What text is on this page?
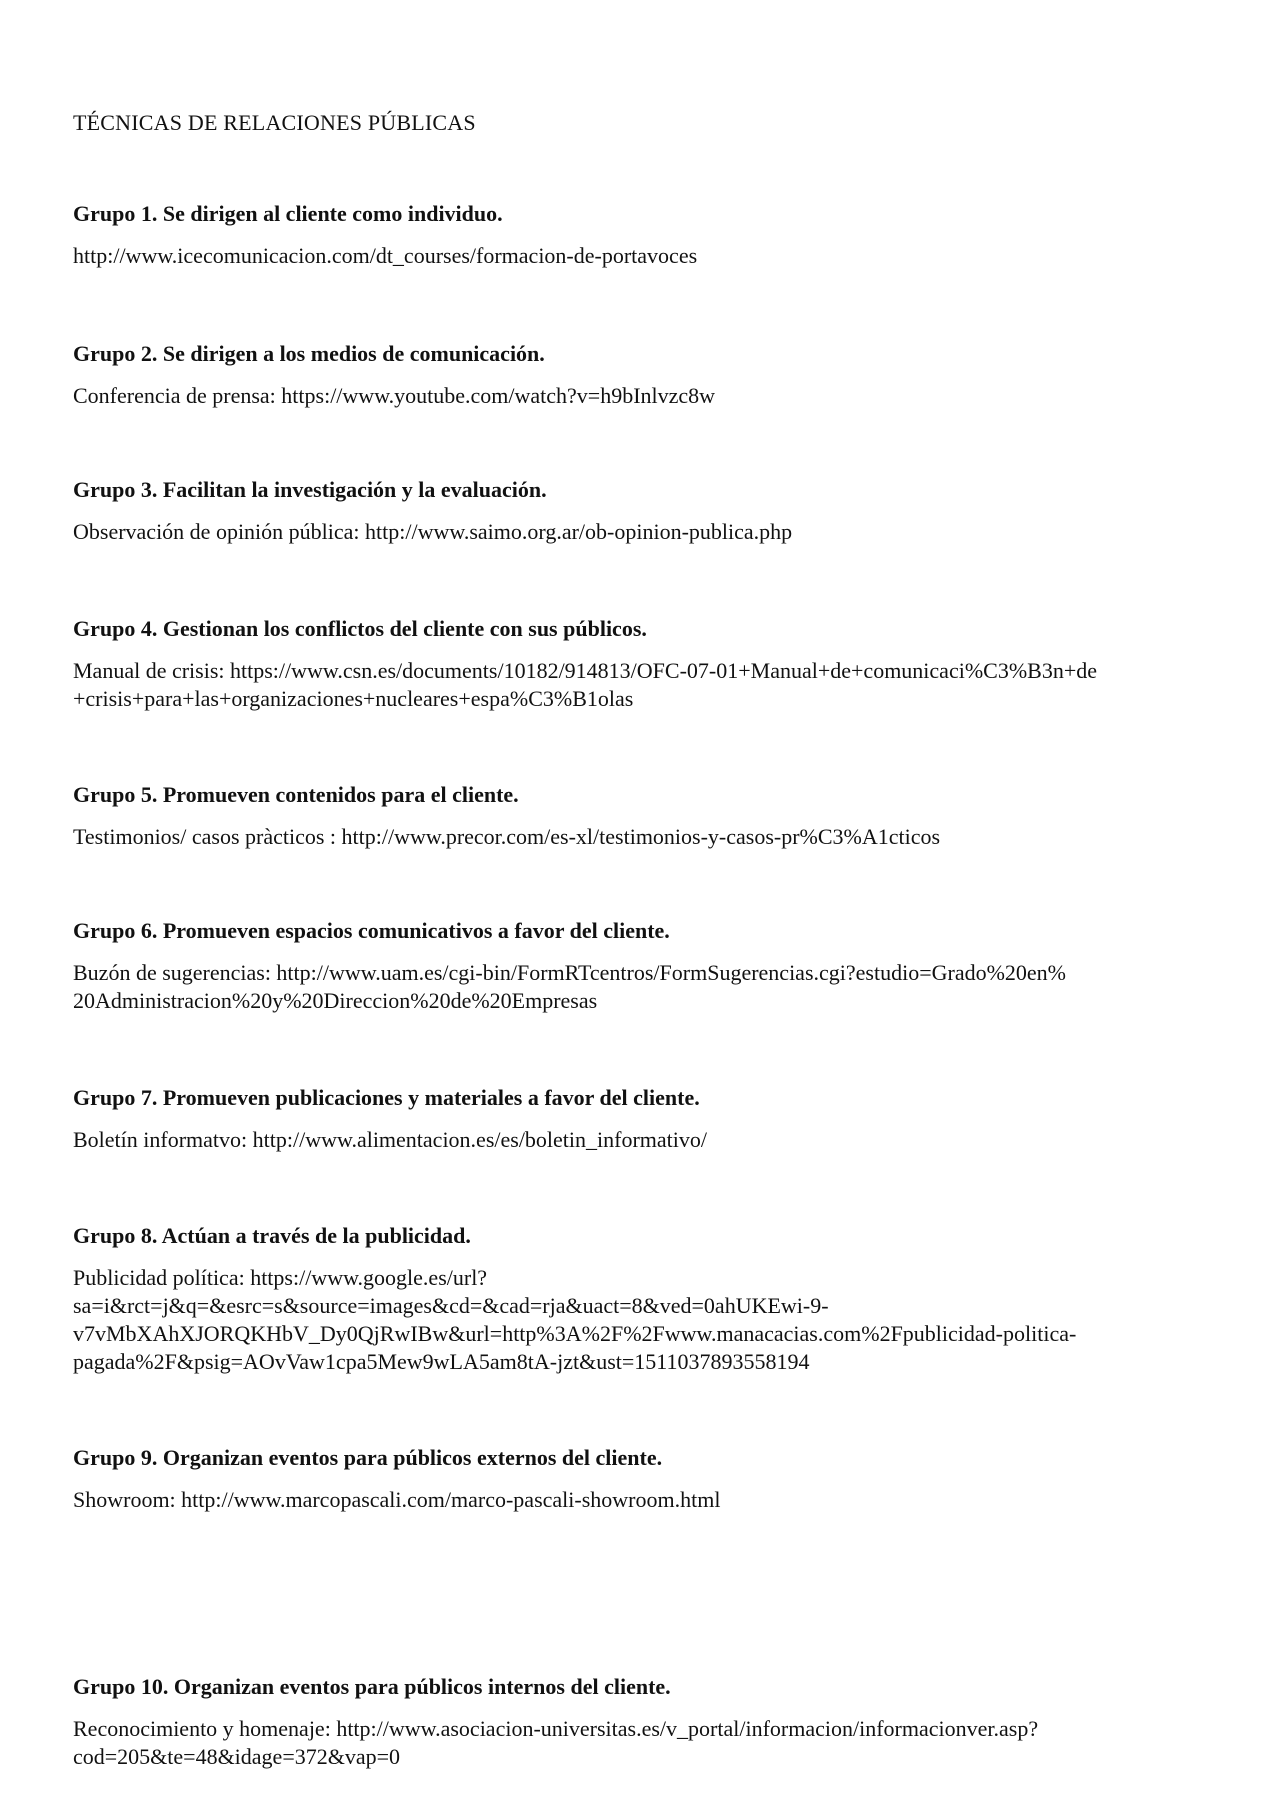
TÉCNICAS DE RELACIONES PÚBLICAS

Grupo 1. Se dirigen al cliente como individuo.

http://www.icecomunicacion.com/dt_courses/formacion-de-portavoces

Grupo 2. Se dirigen a los medios de comunicación.

Conferencia de prensa: https://www.youtube.com/watch?v=h9bInlvzc8w

Grupo 3. Facilitan la investigación y la evaluación.

Observación de opinión pública: http://www.saimo.org.ar/ob-opinion-publica.php

Grupo 4. Gestionan los conflictos del cliente con sus públicos.

Manual de crisis: https://www.csn.es/documents/10182/914813/OFC-07-01+Manual+de+comunicaci%C3%B3n+de
+crisis+para+las+organizaciones+nucleares+espa%C3%B1olas

Grupo 5. Promueven contenidos para el cliente.

Testimonios/ casos pràcticos : http://www.precor.com/es-xl/testimonios-y-casos-pr%C3%A1cticos

Grupo 6. Promueven espacios comunicativos a favor del cliente.

Buzón de sugerencias: http://www.uam.es/cgi-bin/FormRTcentros/FormSugerencias.cgi?estudio=Grado%20en%
20Administracion%20y%20Direccion%20de%20Empresas

Grupo 7. Promueven publicaciones y materiales a favor del cliente.

Boletín informatvo: http://www.alimentacion.es/es/boletin_informativo/

Grupo 8. Actúan a través de la publicidad.

Publicidad política: https://www.google.es/url?
sa=i&rct=j&q=&esrc=s&source=images&cd=&cad=rja&uact=8&ved=0ahUKEwi-9-
v7vMbXAhXJORQKHbV_Dy0QjRwIBw&url=http%3A%2F%2Fwww.manacacias.com%2Fpublicidad-politica-
pagada%2F&psig=AOvVaw1cpa5Mew9wLA5am8tA-jzt&ust=1511037893558194

Grupo 9. Organizan eventos para públicos externos del cliente.

Showroom: http://www.marcopascali.com/marco-pascali-showroom.html

Grupo 10. Organizan eventos para públicos internos del cliente.

Reconocimiento y homenaje: http://www.asociacion-universitas.es/v_portal/informacion/informacionver.asp?
cod=205&te=48&idage=372&vap=0
